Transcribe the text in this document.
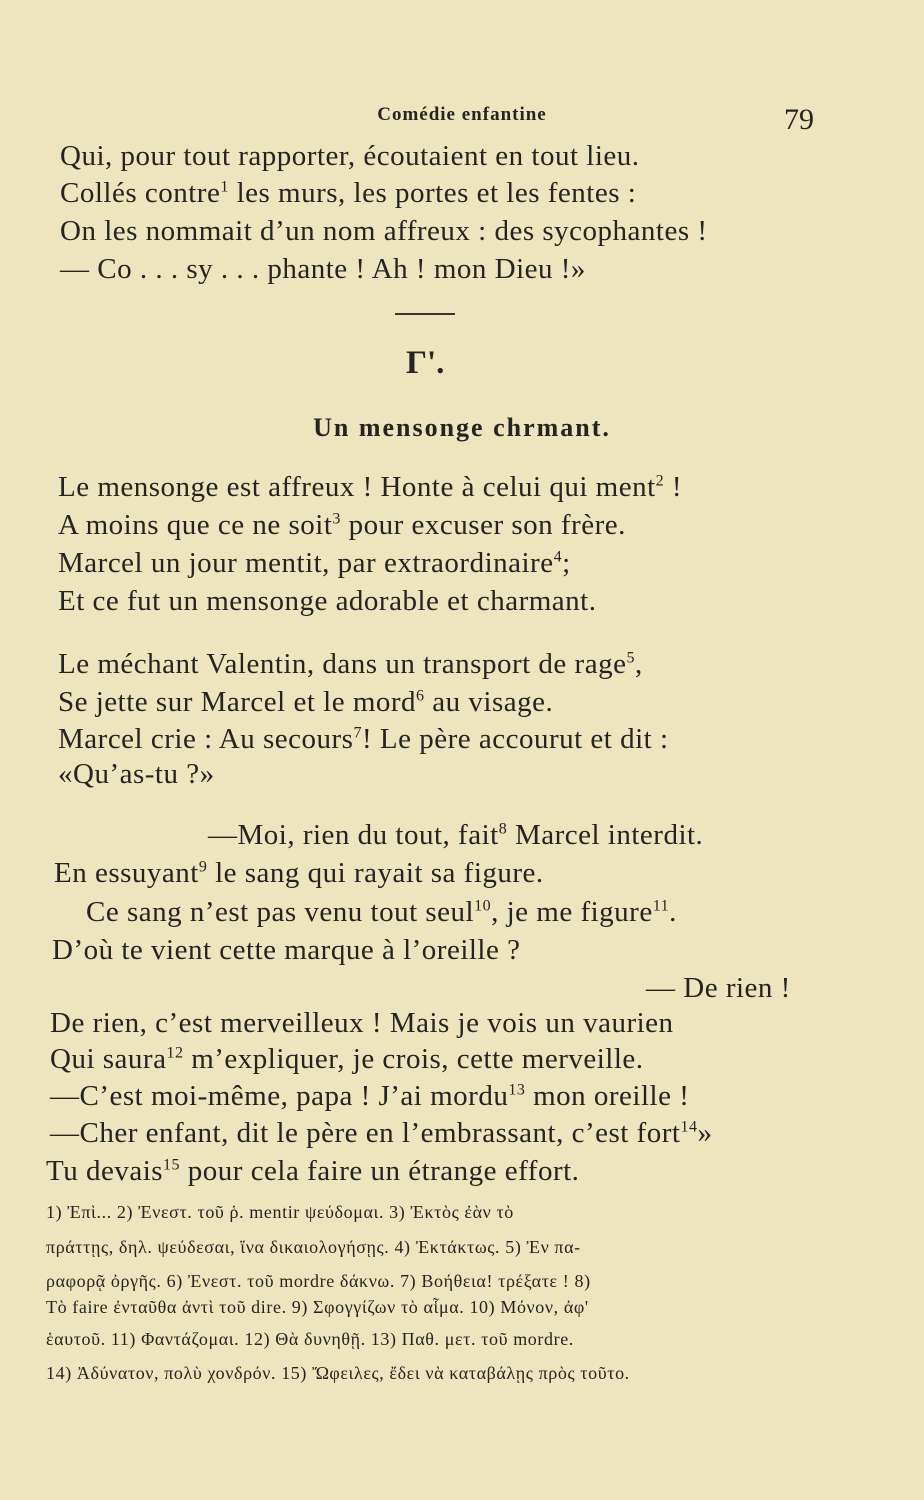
Comédie enfantine	79
Qui, pour tout rapporter, écoutaient en tout lieu.
Collés contre$^1$ les murs, les portes et les fentes :
On les nommait d’un nom affreux : des sycophantes !
— Co . . . sy . . . phante ! Ah ! mon Dieu !»
Γ'.
Un mensonge chrmant.
Le mensonge est affreux ! Honte à celui qui ment$^2$ !
A moins que ce ne soit$^3$ pour excuser son frère.
Marcel un jour mentit, par extraordinaire$^4$;
Et ce fut un mensonge adorable et charmant.
Le méchant Valentin, dans un transport de rage$^5$,
Se jette sur Marcel et le mord$^6$ au visage.
Marcel crie : Au secours$^7$! Le père accourut et dit :
«Qu’as-tu ?»
—Moi, rien du tout, fait$^8$ Marcel interdit.
En essuyant$^9$ le sang qui rayait sa figure.
Ce sang n’est pas venu tout seul$^{10}$, je me figure$^{11}$.
D’où te vient cette marque à l’oreille ?
— De rien !
De rien, c’est merveilleux ! Mais je vois un vaurien
Qui saura$^{12}$ m’expliquer, je crois, cette merveille.
—C’est moi-même, papa ! J’ai mordu$^{13}$ mon oreille !
—Cher enfant, dit le père en l’embrassant, c’est fort$^{14}$»
Tu devais$^{15}$ pour cela faire un étrange effort.
1) Ἐπὶ... 2) Ἐνεστ. τοῦ ῥ. mentir ψεύδομαι. 3) Ἐκτὸς ἐὰν τὸ
πράττῃς, δηλ. ψεύδεσαι, ἵνα δικαιολογήσῃς. 4) Ἐκτάκτως. 5) Ἐν πα-
ραφορᾷ ὀργῆς. 6) Ἐνεστ. τοῦ mordre δάκνω. 7) Βοήθεια! τρέξατε ! 8)
Τὸ faire ἐνταῦθα ἀντὶ τοῦ dire. 9) Σφογγίζων τὸ αἷμα. 10) Μόνον, ἀφ'
ἑαυτοῦ. 11) Φαντάζομαι. 12) Θὰ δυνηθῇ. 13) Παθ. μετ. τοῦ mordre.
14) Ἀδύνατον, πολὺ χονδρόν. 15) Ὤφειλες, ἔδει νὰ καταβάλῃς πρὸς τοῦτο.
